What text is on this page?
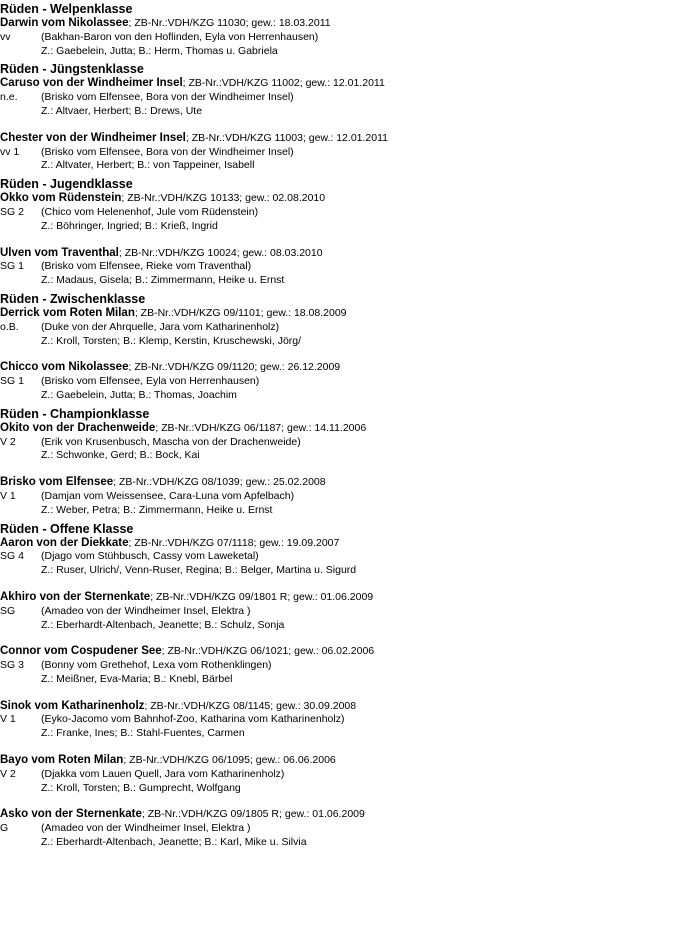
Rüden - Welpenklasse
Darwin vom Nikolassee; ZB-Nr.:VDH/KZG 11030; gew.: 18.03.2011
vv	(Bakhan-Baron von den Hoflinden, Eyla von Herrenhausen)
Z.: Gaebelein, Jutta; B.: Herm, Thomas u. Gabriela
Rüden - Jüngstenklasse
Caruso von der Windheimer Insel; ZB-Nr.:VDH/KZG 11002; gew.: 12.01.2011
n.e. (Brisko vom Elfensee, Bora von der Windheimer Insel)
Z.: Altvaer, Herbert; B.: Drews, Ute
Chester von der Windheimer Insel; ZB-Nr.:VDH/KZG 11003; gew.: 12.01.2011
vv 1 (Brisko vom Elfensee, Bora von der Windheimer Insel)
Z.: Altvater, Herbert; B.: von Tappeiner, Isabell
Rüden - Jugendklasse
Okko vom Rüdenstein; ZB-Nr.:VDH/KZG 10133; gew.: 02.08.2010
SG 2 (Chico vom Helenenhof, Jule vom Rüdenstein)
Z.: Böhringer, Ingried; B.: Krieß, Ingrid
Ulven vom Traventhal; ZB-Nr.:VDH/KZG 10024; gew.: 08.03.2010
SG 1 (Brisko vom Elfensee, Rieke vom Traventhal)
Z.: Madaus, Gisela; B.: Zimmermann, Heike u. Ernst
Rüden - Zwischenklasse
Derrick vom Roten Milan; ZB-Nr.:VDH/KZG 09/1101; gew.: 18.08.2009
o.B. (Duke von der Ahrquelle, Jara vom Katharinenholz)
Z.: Kroll, Torsten; B.: Klemp, Kerstin, Kruschewski, Jörg/
Chicco vom Nikolassee; ZB-Nr.:VDH/KZG 09/1120; gew.: 26.12.2009
SG 1 (Brisko vom Elfensee, Eyla von Herrenhausen)
Z.: Gaebelein, Jutta; B.: Thomas, Joachim
Rüden - Championklasse
Okito von der Drachenweide; ZB-Nr.:VDH/KZG 06/1187; gew.: 14.11.2006
V 2 (Erik von Krusenbusch, Mascha von der Drachenweide)
Z.: Schwonke, Gerd; B.: Bock, Kai
Brisko vom Elfensee; ZB-Nr.:VDH/KZG 08/1039; gew.: 25.02.2008
V 1 (Damjan vom Weissensee, Cara-Luna vom Apfelbach)
Z.: Weber, Petra; B.: Zimmermann, Heike u. Ernst
Rüden - Offene Klasse
Aaron von der Diekkate; ZB-Nr.:VDH/KZG 07/1118; gew.: 19.09.2007
SG 4 (Djago vom Stühbusch, Cassy vom Laweketal)
Z.: Ruser, Ulrich/, Venn-Ruser, Regina; B.: Belger, Martina u. Sigurd
Akhiro von der Sternenkate; ZB-Nr.:VDH/KZG 09/1801 R; gew.: 01.06.2009
SG (Amadeo von der Windheimer Insel, Elektra )
Z.: Eberhardt-Altenbach, Jeanette; B.: Schulz, Sonja
Connor vom Cospudener See; ZB-Nr.:VDH/KZG 06/1021; gew.: 06.02.2006
SG 3 (Bonny vom Grethehof, Lexa vom Rothenklingen)
Z.: Meißner, Eva-Maria; B.: Knebl, Bärbel
Sinok vom Katharinenholz; ZB-Nr.:VDH/KZG 08/1145; gew.: 30.09.2008
V 1 (Eyko-Jacomo vom Bahnhof-Zoo, Katharina vom Katharinenholz)
Z.: Franke, Ines; B.: Stahl-Fuentes, Carmen
Bayo vom Roten Milan; ZB-Nr.:VDH/KZG 06/1095; gew.: 06.06.2006
V 2 (Djakka vom Lauen Quell, Jara vom Katharinenholz)
Z.: Kroll, Torsten; B.: Gumprecht, Wolfgang
Asko von der Sternenkate; ZB-Nr.:VDH/KZG 09/1805 R; gew.: 01.06.2009
G	(Amadeo von der Windheimer Insel, Elektra )
Z.: Eberhardt-Altenbach, Jeanette; B.: Karl, Mike u. Silvia
